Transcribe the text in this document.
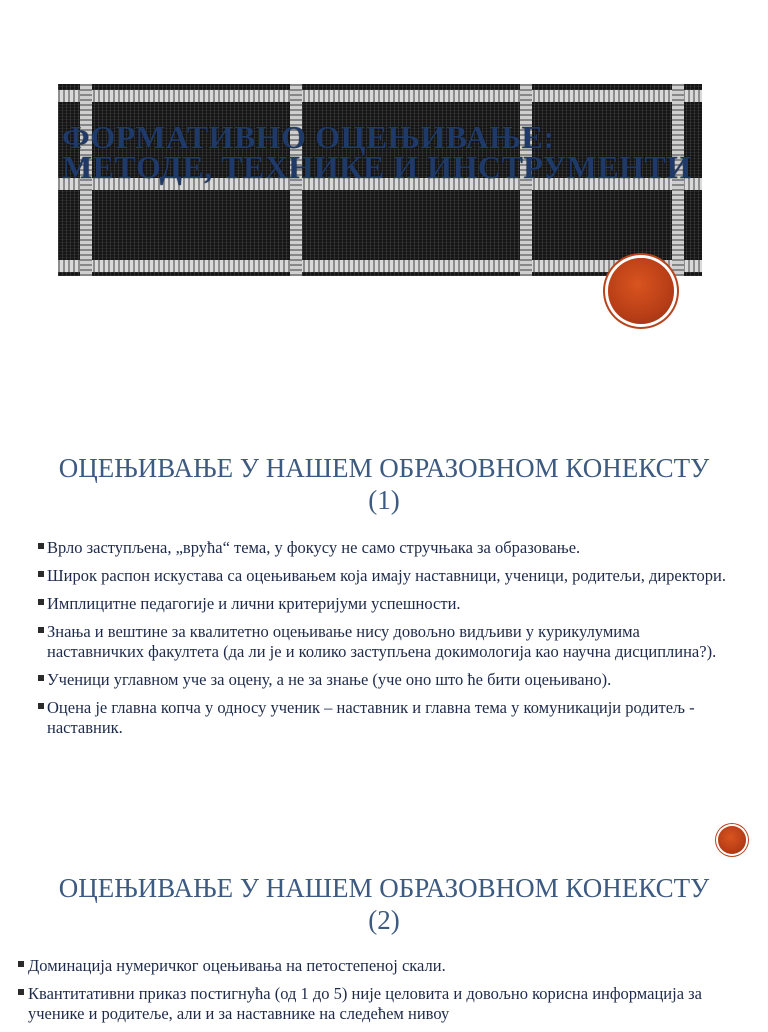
ФОРМАТИВНО ОЦЕЊИВАЊЕ:
МЕТОДЕ, ТЕХНИКЕ И ИНСТРУМЕНТИ
ОЦЕЊИВАЊЕ У НАШЕМ ОБРАЗОВНОМ КОНЕКСТУ
(1)
Врло заступљена, „врућа“ тема, у фокусу не само стручњака за образовање.
Широк распон искустава са оцењивањем која имају наставници, ученици, родитељи, директори.
Имплицитне педагогије и лични критеријуми успешности.
Знања и вештине за квалитетно оцењивање нису довољно видљиви у курикулумима наставничких факултета (да ли је и колико заступљена докимологија као научна дисциплина?).
Ученици углавном уче за оцену, а не за знање (уче оно што ће бити оцењивано).
Оцена је главна копча у односу ученик – наставник и главна тема у комуникацији родитељ - наставник.
ОЦЕЊИВАЊЕ У НАШЕМ ОБРАЗОВНОМ КОНЕКСТУ
(2)
Доминација нумеричког оцењивања на петостепеној скали.
Квантитативни приказ постигнућа (од 1 до 5) није целовита и довољно корисна информација за ученике и родитеље, али и за наставнике на следећем нивоу
